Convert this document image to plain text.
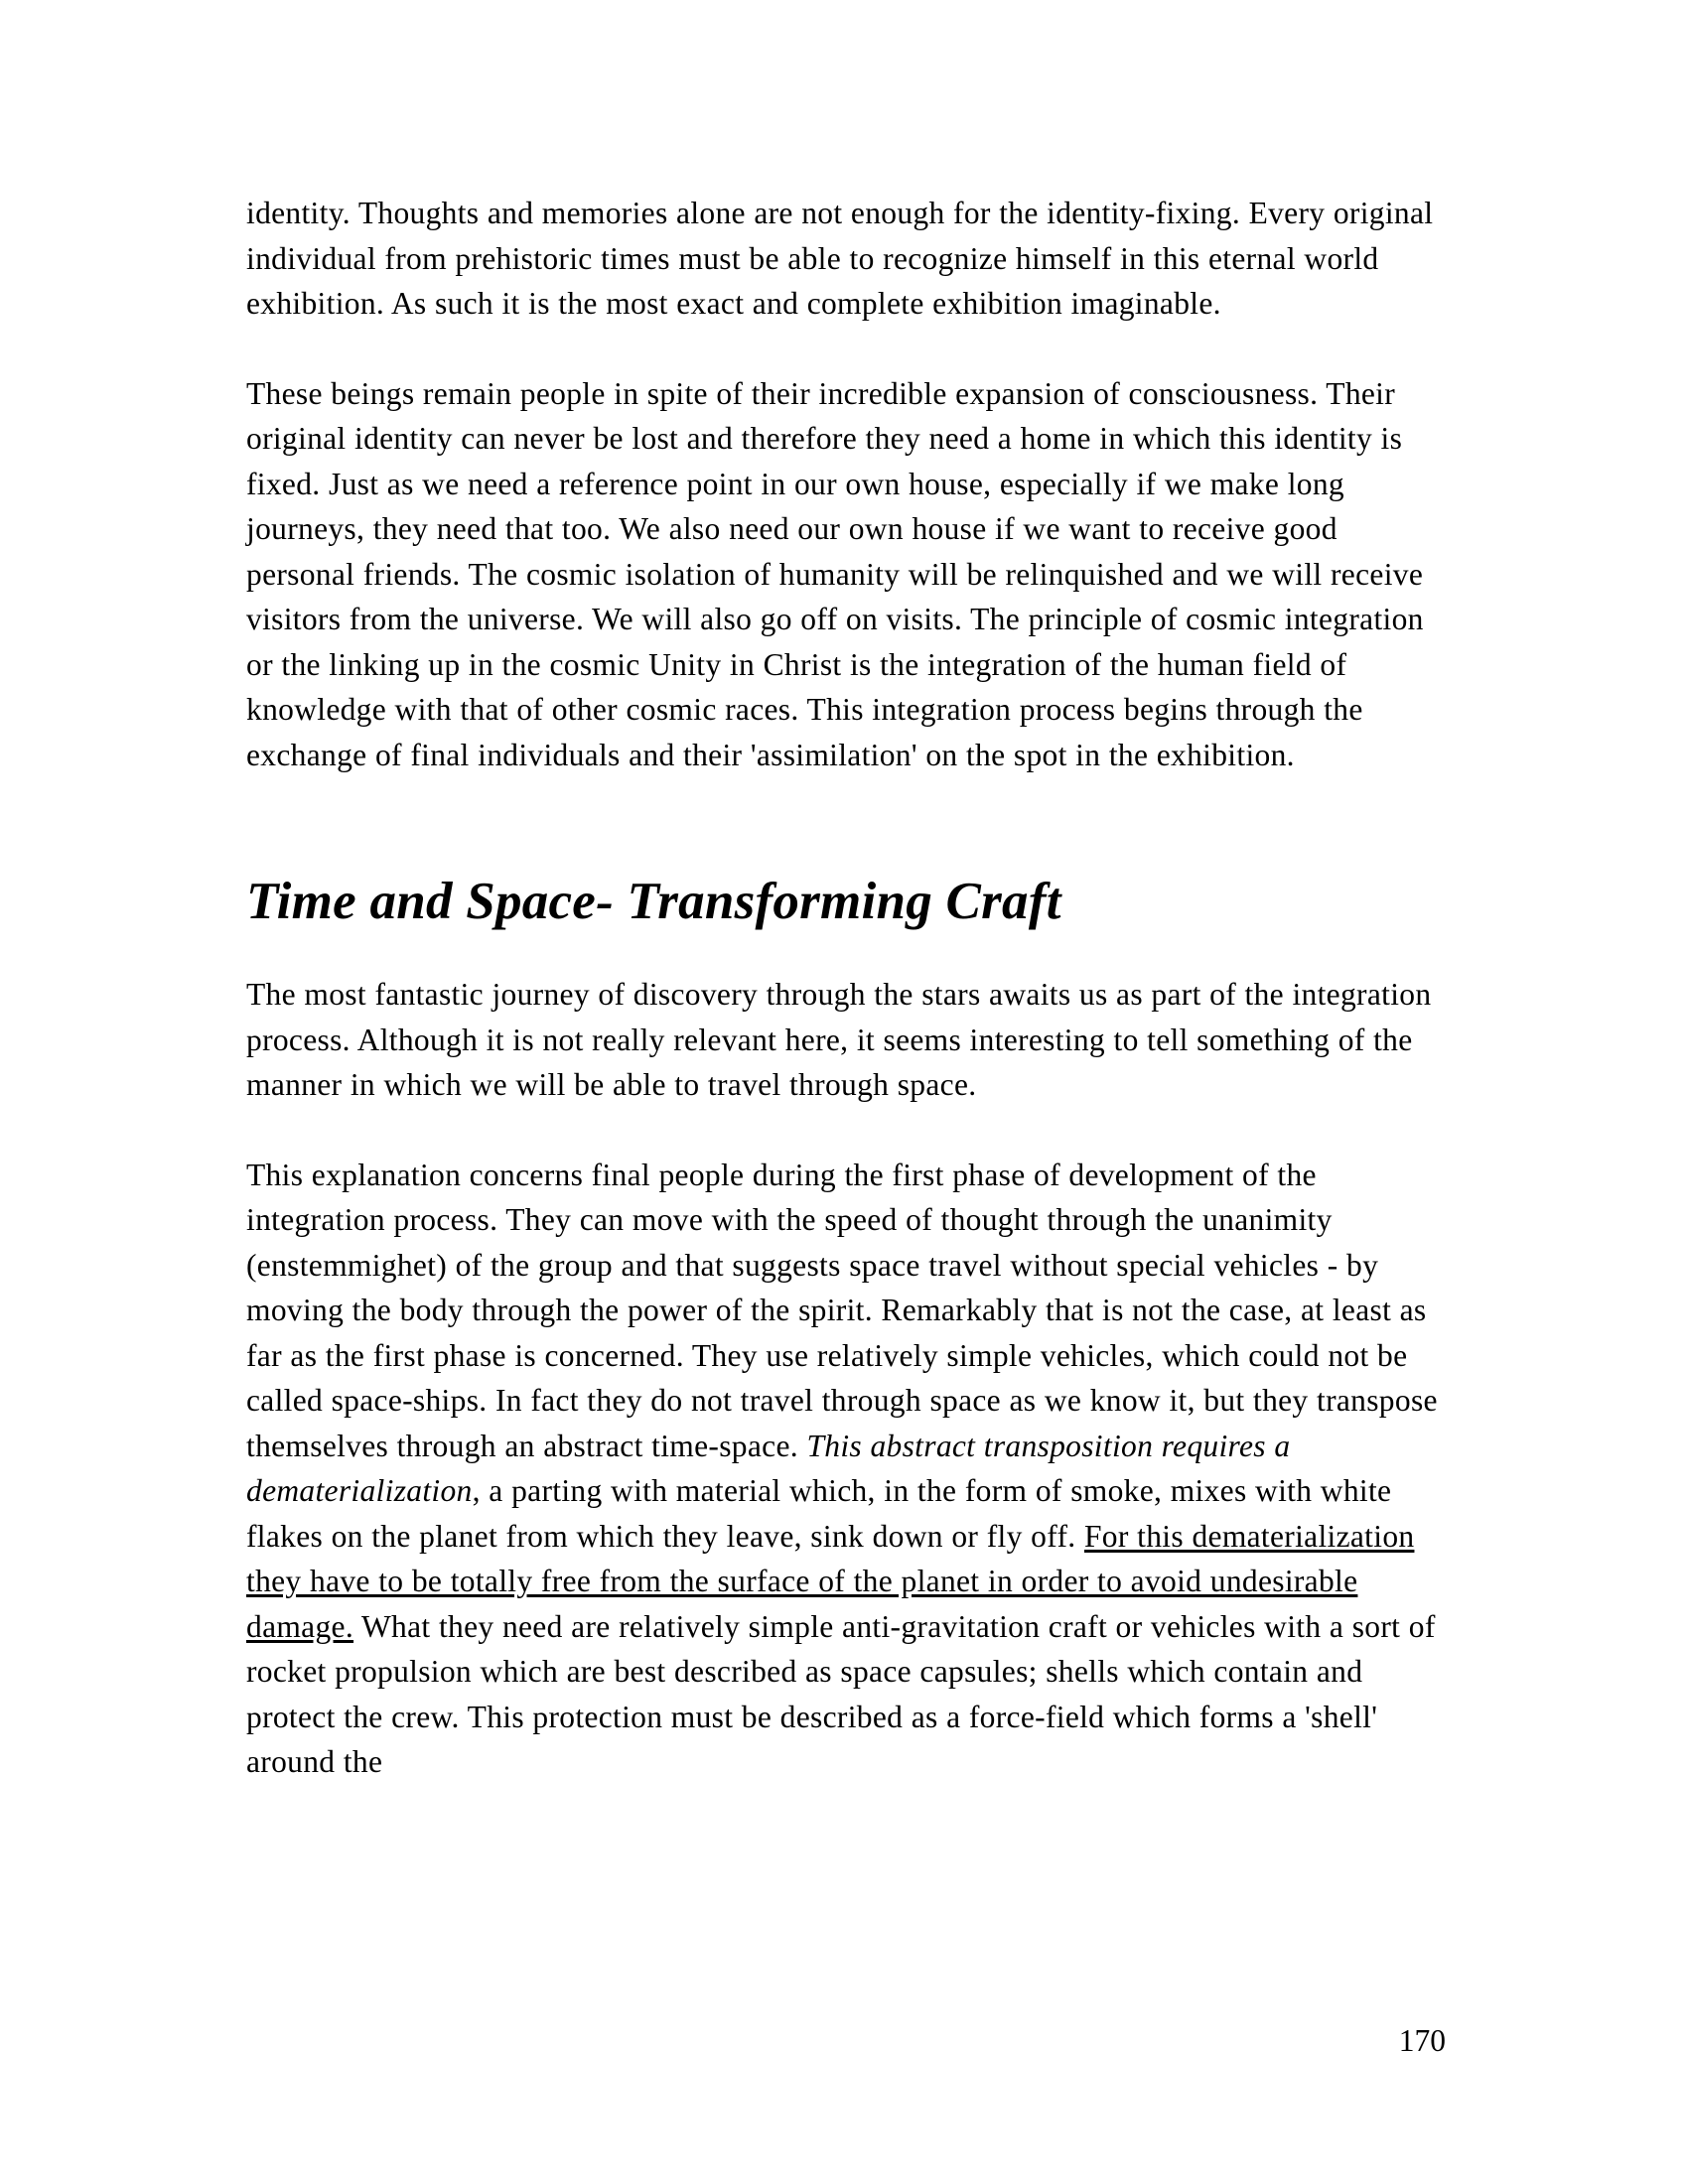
identity. Thoughts and memories alone are not enough for the identity-fixing. Every original individual from prehistoric times must be able to recognize himself in this eternal world exhibition. As such it is the most exact and complete exhibition imaginable.

These beings remain people in spite of their incredible expansion of consciousness. Their original identity can never be lost and therefore they need a home in which this identity is fixed. Just as we need a reference point in our own house, especially if we make long journeys, they need that too. We also need our own house if we want to receive good personal friends. The cosmic isolation of humanity will be relinquished and we will receive visitors from the universe. We will also go off on visits. The principle of cosmic integration or the linking up in the cosmic Unity in Christ is the integration of the human field of knowledge with that of other cosmic races. This integration process begins through the exchange of final individuals and their 'assimilation' on the spot in the exhibition.

Time and Space- Transforming Craft

The most fantastic journey of discovery through the stars awaits us as part of the integration process. Although it is not really relevant here, it seems interesting to tell something of the manner in which we will be able to travel through space.

This explanation concerns final people during the first phase of development of the integration process. They can move with the speed of thought through the unanimity (enstemmighet) of the group and that suggests space travel without special vehicles - by moving the body through the power of the spirit. Remarkably that is not the case, at least as far as the first phase is concerned. They use relatively simple vehicles, which could not be called space-ships. In fact they do not travel through space as we know it, but they transpose themselves through an abstract time-space. This abstract transposition requires a dematerialization, a parting with material which, in the form of smoke, mixes with white flakes on the planet from which they leave, sink down or fly off. For this dematerialization they have to be totally free from the surface of the planet in order to avoid undesirable damage. What they need are relatively simple anti-gravitation craft or vehicles with a sort of rocket propulsion which are best described as space capsules; shells which contain and protect the crew. This protection must be described as a force-field which forms a 'shell' around the

170
